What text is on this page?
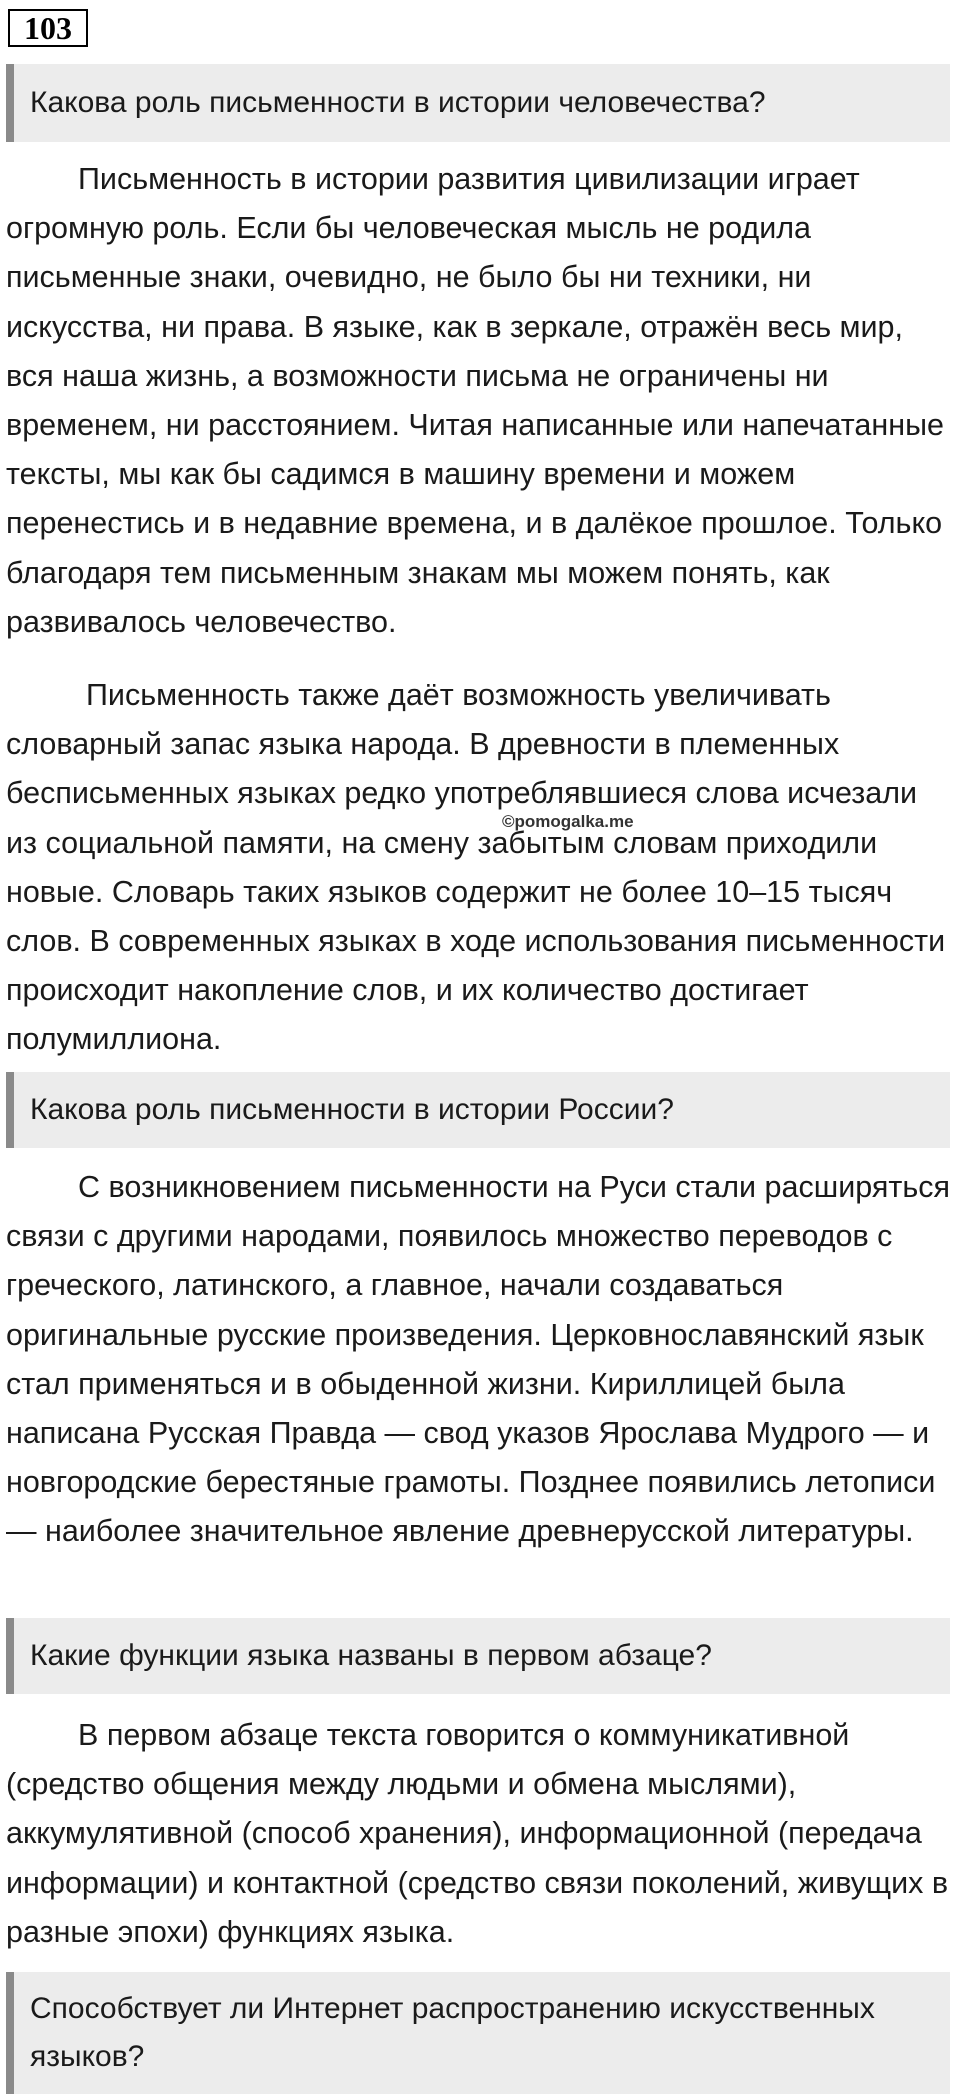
103
Какова роль письменности в истории человечества?

Письменность в истории развития цивилизации играет огромную роль. Если бы человеческая мысль не родила письменные знаки, очевидно, не было бы ни техники, ни искусства, ни права. В языке, как в зеркале, отражён весь мир, вся наша жизнь, а возможности письма не ограничены ни временем, ни расстоянием. Читая написанные или напечатанные тексты, мы как бы садимся в машину времени и можем перенестись и в недавние времена, и в далёкое прошлое. Только благодаря тем письменным знакам мы можем понять, как развивалось человечество.

Письменность также даёт возможность увеличивать словарный запас языка народа. В древности в племенных бесписьменных языках редко употреблявшиеся слова исчезали из социальной памяти, на смену забытым словам приходили новые. Словарь таких языков содержит не более 10–15 тысяч слов. В современных языках в ходе использования письменности происходит накопление слов, и их количество достигает полумиллиона.

©pomogalka.me
Какова роль письменности в истории России?

С возникновением письменности на Руси стали расширяться связи с другими народами, появилось множество переводов с греческого, латинского, а главное, начали создаваться оригинальные русские произведения. Церковнославянский язык стал применяться и в обыденной жизни. Кириллицей была написана Русская Правда — свод указов Ярослава Мудрого — и новгородские берестяные грамоты. Позднее появились летописи — наиболее значительное явление древнерусской литературы.

Какие функции языка названы в первом абзаце?

В первом абзаце текста говорится о коммуникативной (средство общения между людьми и обмена мыслями), аккумулятивной (способ хранения), информационной (передача информации) и контактной (средство связи поколений, живущих в разные эпохи) функциях языка.

Способствует ли Интернет распространению искусственных языков?
